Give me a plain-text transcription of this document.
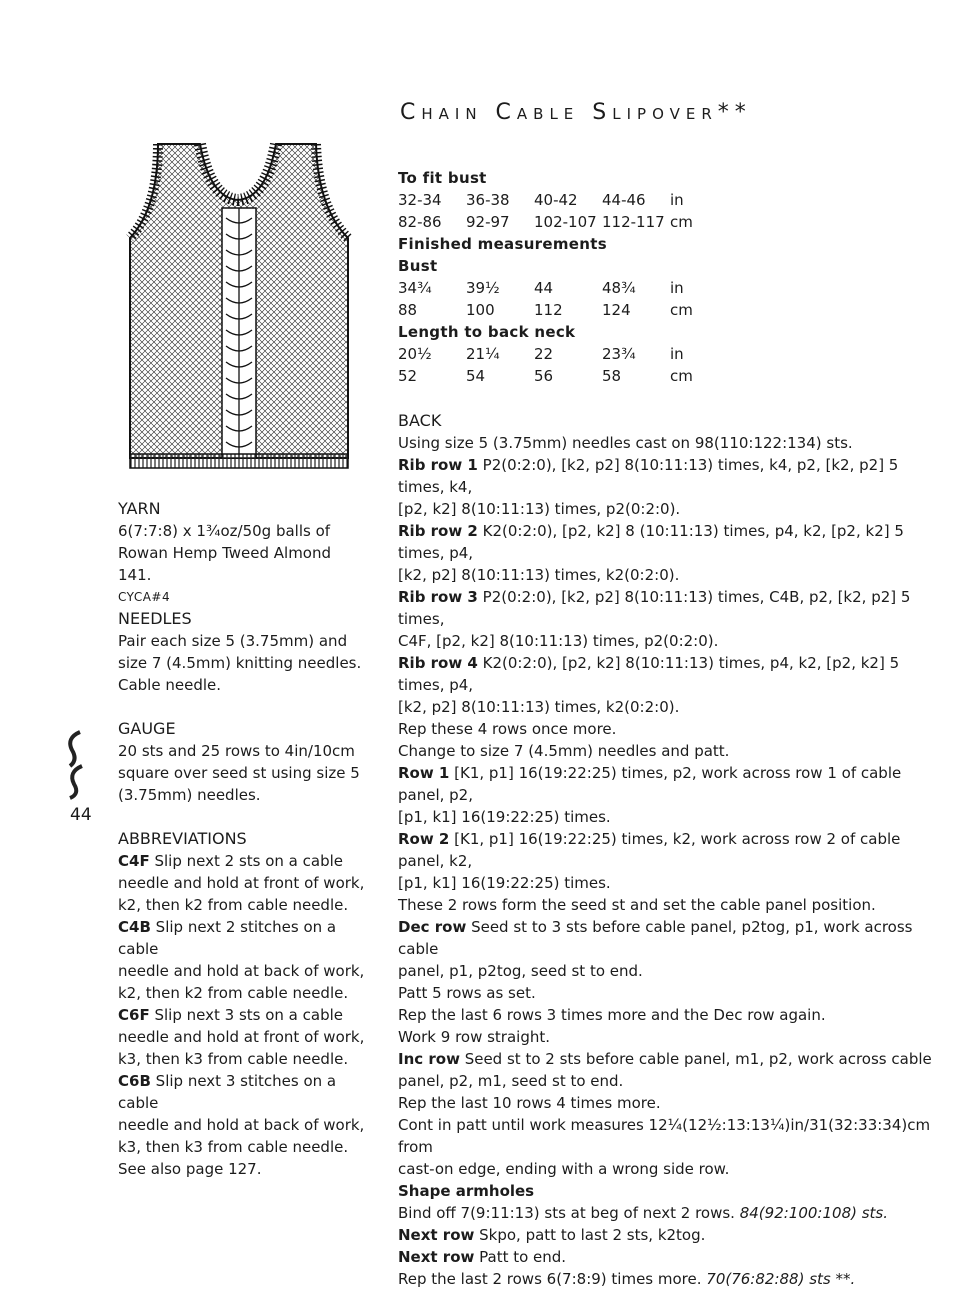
Chain Cable Slipover**
YARN
6(7:7:8) x 1¾oz/50g balls of
Rowan Hemp Tweed Almond 141.
CYCA#4
NEEDLES
Pair each size 5 (3.75mm) and
size 7 (4.5mm) knitting needles.
Cable needle.
GAUGE
20 sts and 25 rows to 4in/10cm
square over seed st using size 5
(3.75mm) needles.
ABBREVIATIONS
C4F Slip next 2 sts on a cable
needle and hold at front of work,
k2, then k2 from cable needle.
C4B Slip next 2 stitches on a cable
needle and hold at back of work,
k2, then k2 from cable needle.
C6F Slip next 3 sts on a cable
needle and hold at front of work,
k3, then k3 from cable needle.
C6B Slip next 3 stitches on a cable
needle and hold at back of work,
k3, then k3 from cable needle.
See also page 127.
44
To fit bust
32-34	36-38	40-42	44-46	in
82-86	92-97	102-107 112-117 cm
Finished measurements
Bust
34¾	39½	44	48¾	in
88	100	112	124	cm
Length to back neck
20½	21¼	22	23¾	in
52	54	56	58	cm
BACK

Using size 5 (3.75mm) needles cast on 98(110:122:134) sts.

Rib row 1 P2(0:2:0), [k2, p2] 8(10:11:13) times, k4, p2, [k2, p2] 5 times, k4,

[p2, k2] 8(10:11:13) times, p2(0:2:0).

Rib row 2 K2(0:2:0), [p2, k2] 8 (10:11:13) times, p4, k2, [p2, k2] 5 times, p4,

[k2, p2] 8(10:11:13) times, k2(0:2:0).

Rib row 3 P2(0:2:0), [k2, p2] 8(10:11:13) times, C4B, p2, [k2, p2] 5 times,

C4F, [p2, k2] 8(10:11:13) times, p2(0:2:0).

Rib row 4 K2(0:2:0), [p2, k2] 8(10:11:13) times, p4, k2, [p2, k2] 5 times, p4,

[k2, p2] 8(10:11:13) times, k2(0:2:0).

Rep these 4 rows once more.

Change to size 7 (4.5mm) needles and patt.

Row 1 [K1, p1] 16(19:22:25) times, p2, work across row 1 of cable panel, p2,

[p1, k1] 16(19:22:25) times.

Row 2 [K1, p1] 16(19:22:25) times, k2, work across row 2 of cable panel, k2,

[p1, k1] 16(19:22:25) times.

These 2 rows form the seed st and set the cable panel position.

Dec row Seed st to 3 sts before cable panel, p2tog, p1, work across cable

panel, p1, p2tog, seed st to end.

Patt 5 rows as set.

Rep the last 6 rows 3 times more and the Dec row again.

Work 9 row straight.

Inc row Seed st to 2 sts before cable panel, m1, p2, work across cable

panel, p2, m1, seed st to end.

Rep the last 10 rows 4 times more.

Cont in patt until work measures 12¼(12½:13:13¼)in/31(32:33:34)cm from

cast-on edge, ending with a wrong side row.

Shape armholes

Bind off 7(9:11:13) sts at beg of next 2 rows. 84(92:100:108) sts.

Next row Skpo, patt to last 2 sts, k2tog.

Next row Patt to end.

Rep the last 2 rows 6(7:8:9) times more. 70(76:82:88) sts **.
